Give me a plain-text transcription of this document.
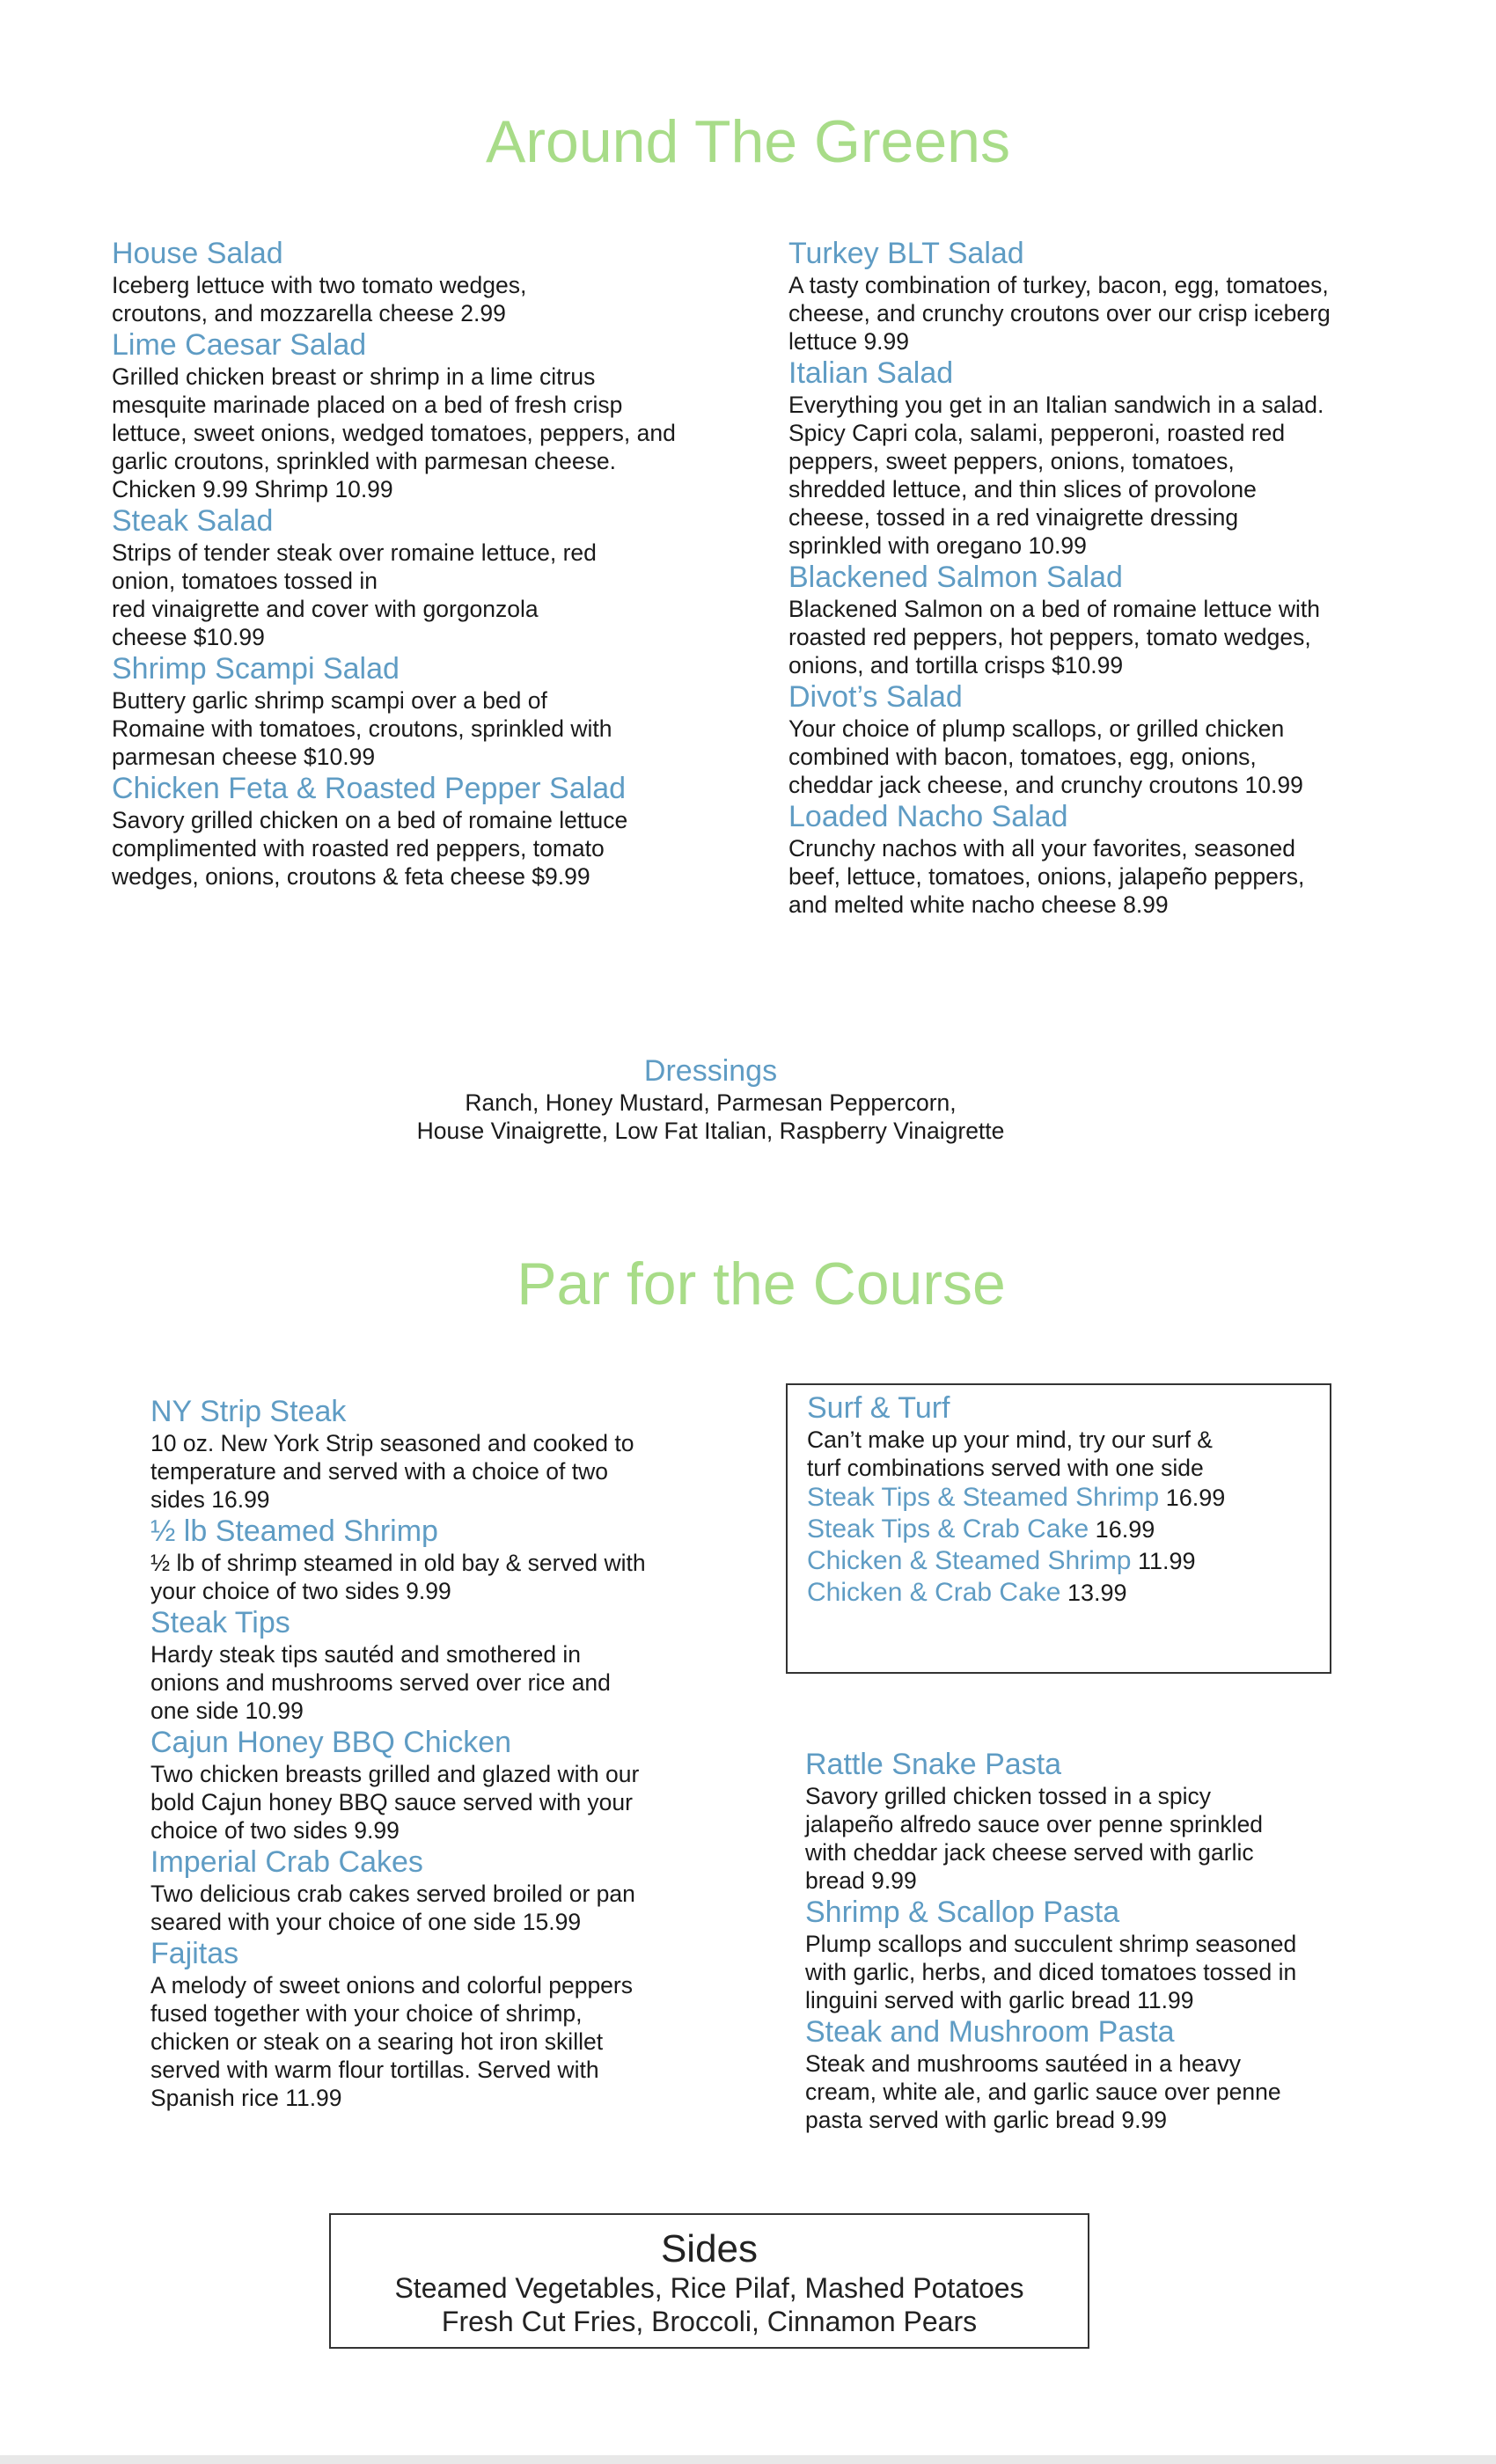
Around The Greens
House Salad
Iceberg lettuce with two tomato wedges,
croutons, and mozzarella cheese 2.99
Lime Caesar Salad
Grilled chicken breast or shrimp in a lime citrus
mesquite marinade placed on a bed of fresh crisp
lettuce, sweet onions, wedged tomatoes, peppers, and
garlic croutons, sprinkled with parmesan cheese.
Chicken 9.99 Shrimp 10.99
Steak Salad
Strips of tender steak over romaine lettuce, red
onion, tomatoes tossed in
red vinaigrette and cover with gorgonzola
cheese $10.99
Shrimp Scampi Salad
Buttery garlic shrimp scampi over a bed of
Romaine with tomatoes, croutons, sprinkled with
parmesan cheese $10.99
Chicken Feta & Roasted Pepper Salad
Savory grilled chicken on a bed of romaine lettuce
complimented with roasted red peppers, tomato
wedges, onions, croutons & feta cheese $9.99
Turkey BLT Salad
A tasty combination of turkey, bacon, egg, tomatoes,
cheese, and crunchy croutons over our crisp iceberg
lettuce 9.99
Italian Salad
Everything you get in an Italian sandwich in a salad.
Spicy Capri cola, salami, pepperoni, roasted red
peppers, sweet peppers, onions, tomatoes,
shredded lettuce, and thin slices of provolone
cheese, tossed in a red vinaigrette dressing
sprinkled with oregano 10.99
Blackened Salmon Salad
Blackened Salmon on a bed of romaine lettuce with
roasted red peppers, hot peppers, tomato wedges,
onions, and tortilla crisps $10.99
Divot’s Salad
Your choice of plump scallops, or grilled chicken
combined with bacon, tomatoes, egg, onions,
cheddar jack cheese, and crunchy croutons 10.99
Loaded Nacho Salad
Crunchy nachos with all your favorites, seasoned
beef, lettuce, tomatoes, onions, jalapeño peppers,
and melted white nacho cheese 8.99
Dressings
Ranch, Honey Mustard, Parmesan Peppercorn,
House Vinaigrette, Low Fat Italian, Raspberry Vinaigrette
Par for the Course
NY Strip Steak
10 oz. New York Strip seasoned and cooked to
temperature and served with a choice of two
sides 16.99
½ lb Steamed Shrimp
½ lb of shrimp steamed in old bay & served with
your choice of two sides 9.99
Steak Tips
Hardy steak tips sautéd and smothered in
onions and mushrooms served over rice and
one side 10.99
Cajun Honey BBQ Chicken
Two chicken breasts grilled and glazed with our
bold Cajun honey BBQ sauce served with your
choice of two sides 9.99
Imperial Crab Cakes
Two delicious crab cakes served broiled or pan
seared with your choice of one side 15.99
Fajitas
A melody of sweet onions and colorful peppers
fused together with your choice of shrimp,
chicken or steak on a searing hot iron skillet
served with warm flour tortillas. Served with
Spanish rice 11.99
Surf & Turf
Can’t make up your mind, try our surf &
turf combinations served with one side
Steak Tips & Steamed Shrimp 16.99
Steak Tips & Crab Cake 16.99
Chicken & Steamed Shrimp 11.99
Chicken & Crab Cake 13.99
Rattle Snake Pasta
Savory grilled chicken tossed in a spicy
jalapeño alfredo sauce over penne sprinkled
with cheddar jack cheese served with garlic
bread 9.99
Shrimp & Scallop Pasta
Plump scallops and succulent shrimp seasoned
with garlic, herbs, and diced tomatoes tossed in
linguini served with garlic bread 11.99
Steak and Mushroom Pasta
Steak and mushrooms sautéed in a heavy
cream, white ale, and garlic sauce over penne
pasta served with garlic bread 9.99
Sides
Steamed Vegetables, Rice Pilaf, Mashed Potatoes
Fresh Cut Fries, Broccoli, Cinnamon Pears
